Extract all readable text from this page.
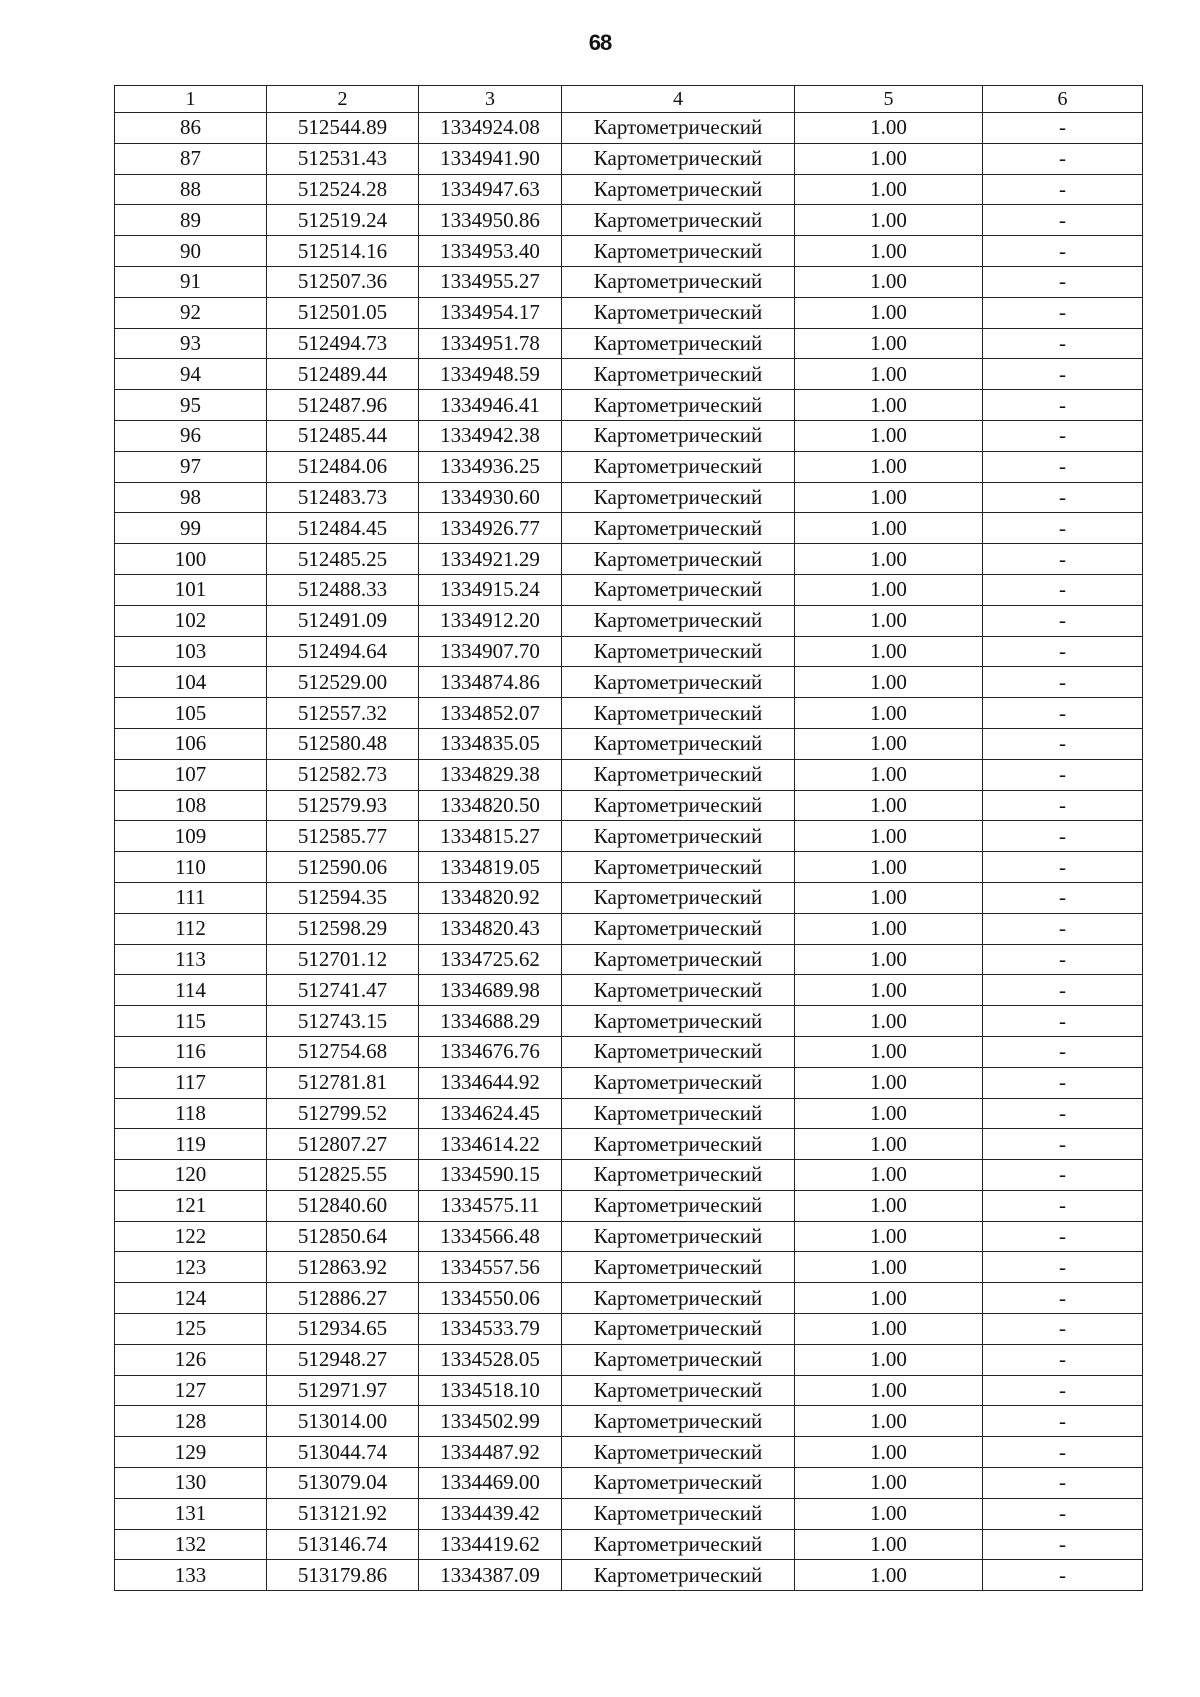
68
1	2	3	4	5	6
86	512544.89	1334924.08	Картометрический	1.00	-
87	512531.43	1334941.90	Картометрический	1.00	-
88	512524.28	1334947.63	Картометрический	1.00	-
89	512519.24	1334950.86	Картометрический	1.00	-
90	512514.16	1334953.40	Картометрический	1.00	-
91	512507.36	1334955.27	Картометрический	1.00	-
92	512501.05	1334954.17	Картометрический	1.00	-
93	512494.73	1334951.78	Картометрический	1.00	-
94	512489.44	1334948.59	Картометрический	1.00	-
95	512487.96	1334946.41	Картометрический	1.00	-
96	512485.44	1334942.38	Картометрический	1.00	-
97	512484.06	1334936.25	Картометрический	1.00	-
98	512483.73	1334930.60	Картометрический	1.00	-
99	512484.45	1334926.77	Картометрический	1.00	-
100	512485.25	1334921.29	Картометрический	1.00	-
101	512488.33	1334915.24	Картометрический	1.00	-
102	512491.09	1334912.20	Картометрический	1.00	-
103	512494.64	1334907.70	Картометрический	1.00	-
104	512529.00	1334874.86	Картометрический	1.00	-
105	512557.32	1334852.07	Картометрический	1.00	-
106	512580.48	1334835.05	Картометрический	1.00	-
107	512582.73	1334829.38	Картометрический	1.00	-
108	512579.93	1334820.50	Картометрический	1.00	-
109	512585.77	1334815.27	Картометрический	1.00	-
110	512590.06	1334819.05	Картометрический	1.00	-
111	512594.35	1334820.92	Картометрический	1.00	-
112	512598.29	1334820.43	Картометрический	1.00	-
113	512701.12	1334725.62	Картометрический	1.00	-
114	512741.47	1334689.98	Картометрический	1.00	-
115	512743.15	1334688.29	Картометрический	1.00	-
116	512754.68	1334676.76	Картометрический	1.00	-
117	512781.81	1334644.92	Картометрический	1.00	-
118	512799.52	1334624.45	Картометрический	1.00	-
119	512807.27	1334614.22	Картометрический	1.00	-
120	512825.55	1334590.15	Картометрический	1.00	-
121	512840.60	1334575.11	Картометрический	1.00	-
122	512850.64	1334566.48	Картометрический	1.00	-
123	512863.92	1334557.56	Картометрический	1.00	-
124	512886.27	1334550.06	Картометрический	1.00	-
125	512934.65	1334533.79	Картометрический	1.00	-
126	512948.27	1334528.05	Картометрический	1.00	-
127	512971.97	1334518.10	Картометрический	1.00	-
128	513014.00	1334502.99	Картометрический	1.00	-
129	513044.74	1334487.92	Картометрический	1.00	-
130	513079.04	1334469.00	Картометрический	1.00	-
131	513121.92	1334439.42	Картометрический	1.00	-
132	513146.74	1334419.62	Картометрический	1.00	-
133	513179.86	1334387.09	Картометрический	1.00	-
